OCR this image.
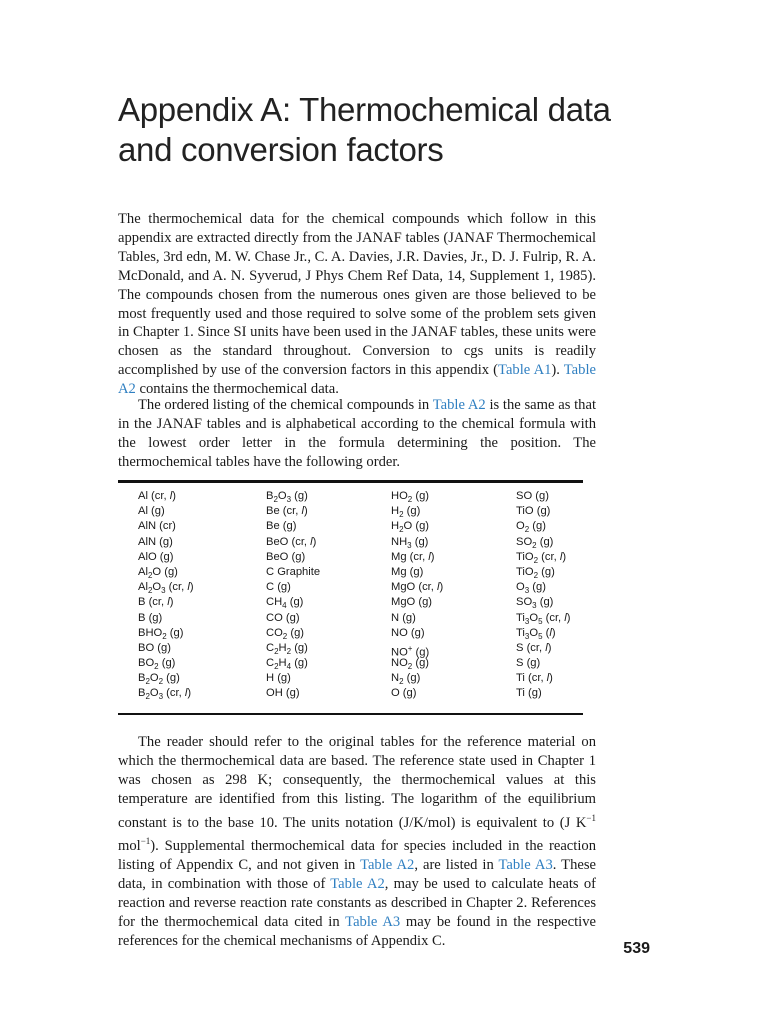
Appendix A: Thermochemical data
and conversion factors

The thermochemical data for the chemical compounds which follow in this appendix are extracted directly from the JANAF tables (JANAF Thermochemical Tables, 3rd edn, M. W. Chase Jr., C. A. Davies, J.R. Davies, Jr., D. J. Fulrip, R. A. McDonald, and A. N. Syverud, J Phys Chem Ref Data, 14, Supplement 1, 1985). The compounds chosen from the numerous ones given are those believed to be most frequently used and those required to solve some of the problem sets given in Chapter 1. Since SI units have been used in the JANAF tables, these units were chosen as the standard throughout. Conversion to cgs units is readily accomplished by use of the conversion factors in this appendix (Table A1). Table A2 contains the thermochemical data.

The ordered listing of the chemical compounds in Table A2 is the same as that in the JANAF tables and is alphabetical according to the chemical formula with the lowest order letter in the formula determining the position. The thermochemical tables have the following order.

Al (cr, l)
Al (g)
AlN (cr)
AlN (g)
AlO (g)
$Al_2O$ (g)
$Al_2O_3$ (cr, l)
B (cr, l)
B (g)
$BHO_2$ (g)
BO (g)
$BO_2$ (g)
$B_2O_2$ (g)
$B_2O_3$ (cr, l)
$B_2O_3$ (g)
Be (cr, l)
Be (g)
BeO (cr, l)
BeO (g)
C Graphite
C (g)
$CH_4$ (g)
CO (g)
$CO_2$ (g)
$C_2H_2$ (g)
$C_2H_4$ (g)
H (g)
OH (g)
$HO_2$ (g)
$H_2$ (g)
$H_2O$ (g)
$NH_3$ (g)
Mg (cr, l)
Mg (g)
MgO (cr, l)
MgO (g)
N (g)
NO (g)
NO+ (g)
$NO_2$ (g)
$N_2$ (g)
O (g)
SO (g)
TiO (g)
$O_2$ (g)
$SO_2$ (g)
TiO$_2$ (cr, l)
TiO$_2$ (g)
$O_3$ (g)
$SO_3$ (g)
$Ti_3O_5$ (cr, l)
$Ti_3O_5$ (l)
S (cr, l)
S (g)
Ti (cr, l)
Ti (g)

The reader should refer to the original tables for the reference material on which the thermochemical data are based. The reference state used in Chapter 1 was chosen as 298 K; consequently, the thermochemical values at this temperature are identified from this listing. The logarithm of the equilibrium constant is to the base 10. The units notation (J/K/mol) is equivalent to (J $K^{-1}$ mol$^{-1}$). Supplemental thermochemical data for species included in the reaction listing of Appendix C, and not given in Table A2, are listed in Table A3. These data, in combination with those of Table A2, may be used to calculate heats of reaction and reverse reaction rate constants as described in Chapter 2. References for the thermochemical data cited in Table A3 may be found in the respective references for the chemical mechanisms of Appendix C.	539
